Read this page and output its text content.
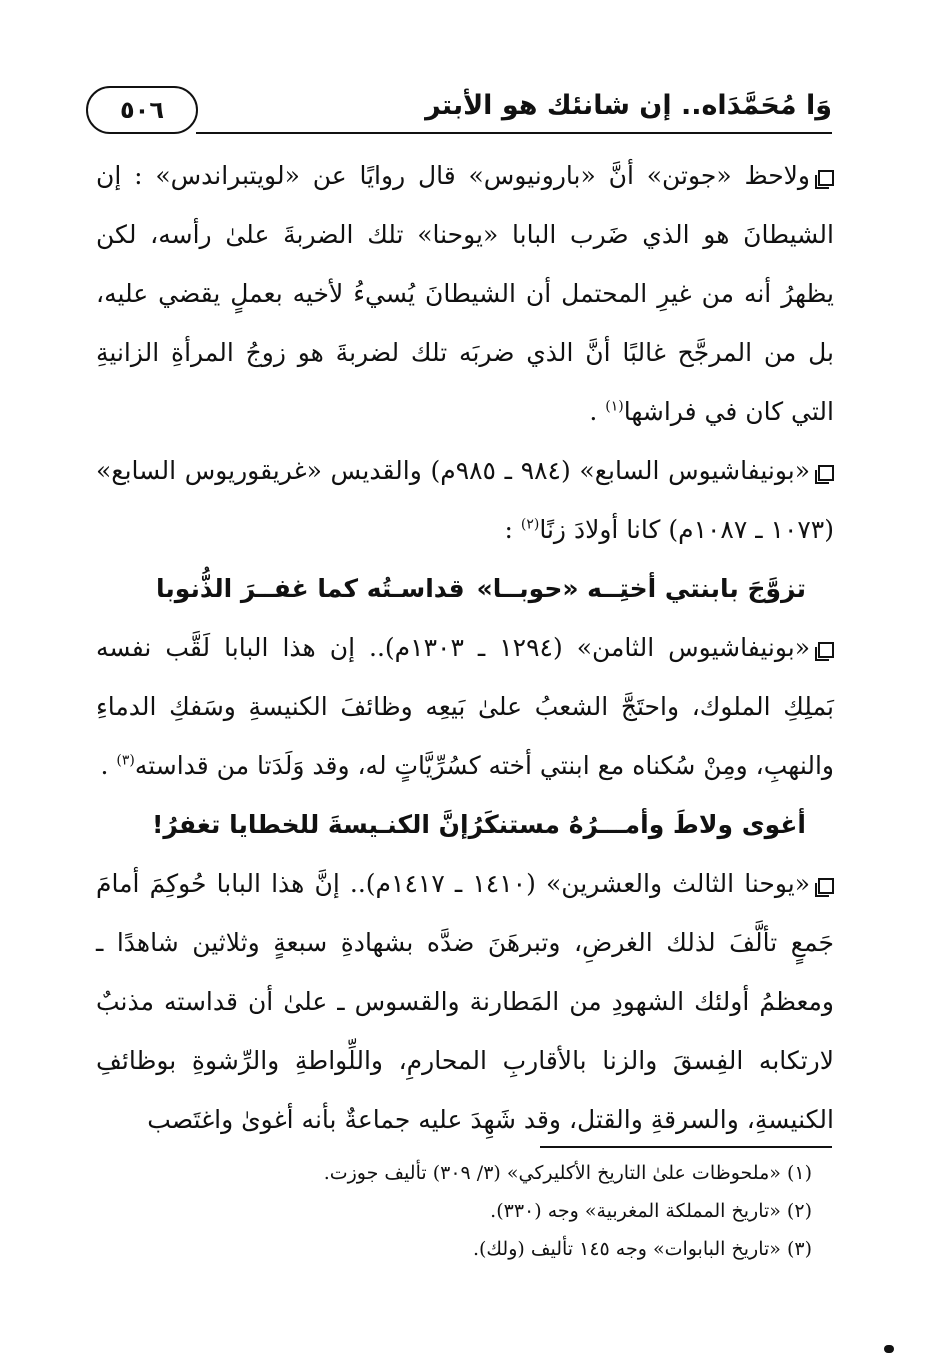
وَا مُحَمَّدَاه.. إن شانئك هو الأبتر
٥٠٦

ولاحظ «جوتن» أنَّ «بارونيوس» قال روايًا عن «لويتبراندس» : إن الشيطانَ هو الذي ضَرب البابا «يوحنا» تلك الضربةَ علىٰ رأسه، لكن يظهرُ أنه من غيرِ المحتمل أن الشيطانَ يُسيءُ لأخيه بعملٍ يقضي عليه، بل من المرجَّح غالبًا أنَّ الذي ضربَه تلك لضربةَ هو زوجُ المرأةِ الزانيةِ التي كان في فراشها$^{(١)}$ .

«بونيفاشيوس السابع» (٩٨٤ ـ ٩٨٥م) والقديس «غريقوريوس السابع» (١٠٧٣ ـ ١٠٨٧م) كانا أولادَ زنًا$^{(٢)}$ :

تزوَّجَ بابنتي أختِــه «حوبــا»
قداسـتُه كما غفــرَ الذُّنوبا

«بونيفاشيوس الثامن» (١٢٩٤ ـ ١٣٠٣م).. إن هذا البابا لَقَّب نفسه بَملِكِ الملوك، واحتَجَّ الشعبُ علىٰ بَيعِه وظائفَ الكنيسةِ وسَفكِ الدماءِ والنهبِ، ومِنْ سُكناه مع ابنتي أخته كسُرِّيَّاتٍ له، وقد وَلَدَتا من قداسته$^{(٣)}$ .

أغوى ولاطَ وأمـــرُهُ مستنكَرُ
إنَّ الكنـيسةَ للخطايا تغفرُ!

«يوحنا الثالث والعشرين» (١٤١٠ ـ ١٤١٧م).. إنَّ هذا البابا حُوكِمَ أمامَ جَمعٍ تألَّفَ لذلك الغرضِ، وتبرهَنَ ضدَّه بشهادةِ سبعةٍ وثلاثين شاهدًا ـ ومعظمُ أولئك الشهودِ من المَطارنة والقسوس ـ علىٰ أن قداسته مذنبٌ لارتكابه الفِسقَ والزنا بالأقاربِ المحارمِ، واللِّواطةِ والرِّشوةِ بوظائفِ الكنيسةِ، والسرقةِ والقتل، وقد شَهِدَ عليه جماعةٌ بأنه أغوىٰ واغتَصب

(١) «ملحوظات علىٰ التاريخ الأكليركي» (٣/ ٣٠٩) تأليف جوزت.
(٢) «تاريخ المملكة المغربية» وجه (٣٣٠).
(٣) «تاريخ البابوات» وجه ١٤٥ تأليف (ولك).
